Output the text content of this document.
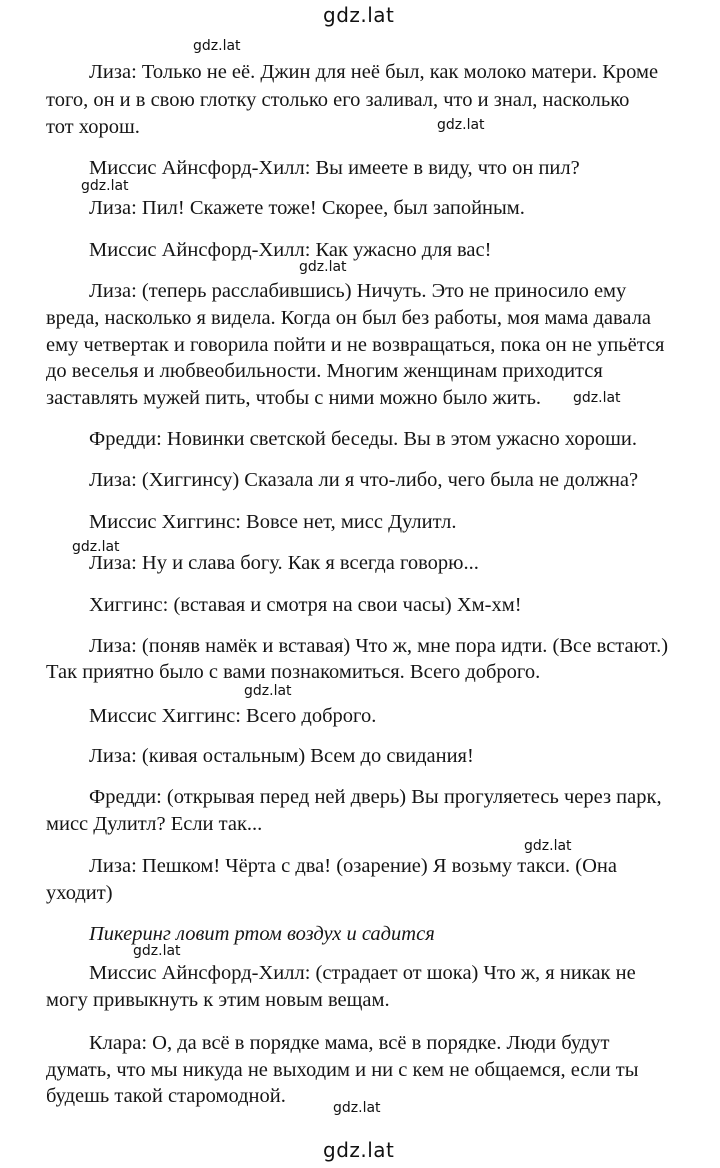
gdz.lat
gdz.lat
gdz.lat
gdz.lat
gdz.lat
gdz.lat
gdz.lat
gdz.lat
gdz.lat
gdz.lat
gdz.lat
gdz.lat
Лиза: Только не её. Джин для неё был, как молоко матери. Кроме
того, он и в свою глотку столько его заливал, что и знал, насколько
тот хорош.
Миссис Айнсфорд-Хилл: Вы имеете в виду, что он пил?
Лиза: Пил! Скажете тоже! Скорее, был запойным.
Миссис Айнсфорд-Хилл: Как ужасно для вас!
Лиза: (теперь расслабившись) Ничуть. Это не приносило ему
вреда, насколько я видела. Когда он был без работы, моя мама давала
ему четвертак и говорила пойти и не возвращаться, пока он не упьётся
до веселья и любвеобильности. Многим женщинам приходится
заставлять мужей пить, чтобы с ними можно было жить.
Фредди: Новинки светской беседы. Вы в этом ужасно хороши.
Лиза: (Хиггинсу) Сказала ли я что-либо, чего была не должна?
Миссис Хиггинс: Вовсе нет, мисс Дулитл.
Лиза: Ну и слава богу. Как я всегда говорю...
Хиггинс: (вставая и смотря на свои часы) Хм-хм!
Лиза: (поняв намёк и вставая) Что ж, мне пора идти. (Все встают.)
Так приятно было с вами познакомиться. Всего доброго.
Миссис Хиггинс: Всего доброго.
Лиза: (кивая остальным) Всем до свидания!
Фредди: (открывая перед ней дверь) Вы прогуляетесь через парк,
мисс Дулитл? Если так...
Лиза: Пешком! Чёрта с два! (озарение) Я возьму такси. (Она
уходит)
Пикеринг ловит ртом воздух и садится
Миссис Айнсфорд-Хилл: (страдает от шока) Что ж, я никак не
могу привыкнуть к этим новым вещам.
Клара: О, да всё в порядке мама, всё в порядке. Люди будут
думать, что мы никуда не выходим и ни с кем не общаемся, если ты
будешь такой старомодной.
